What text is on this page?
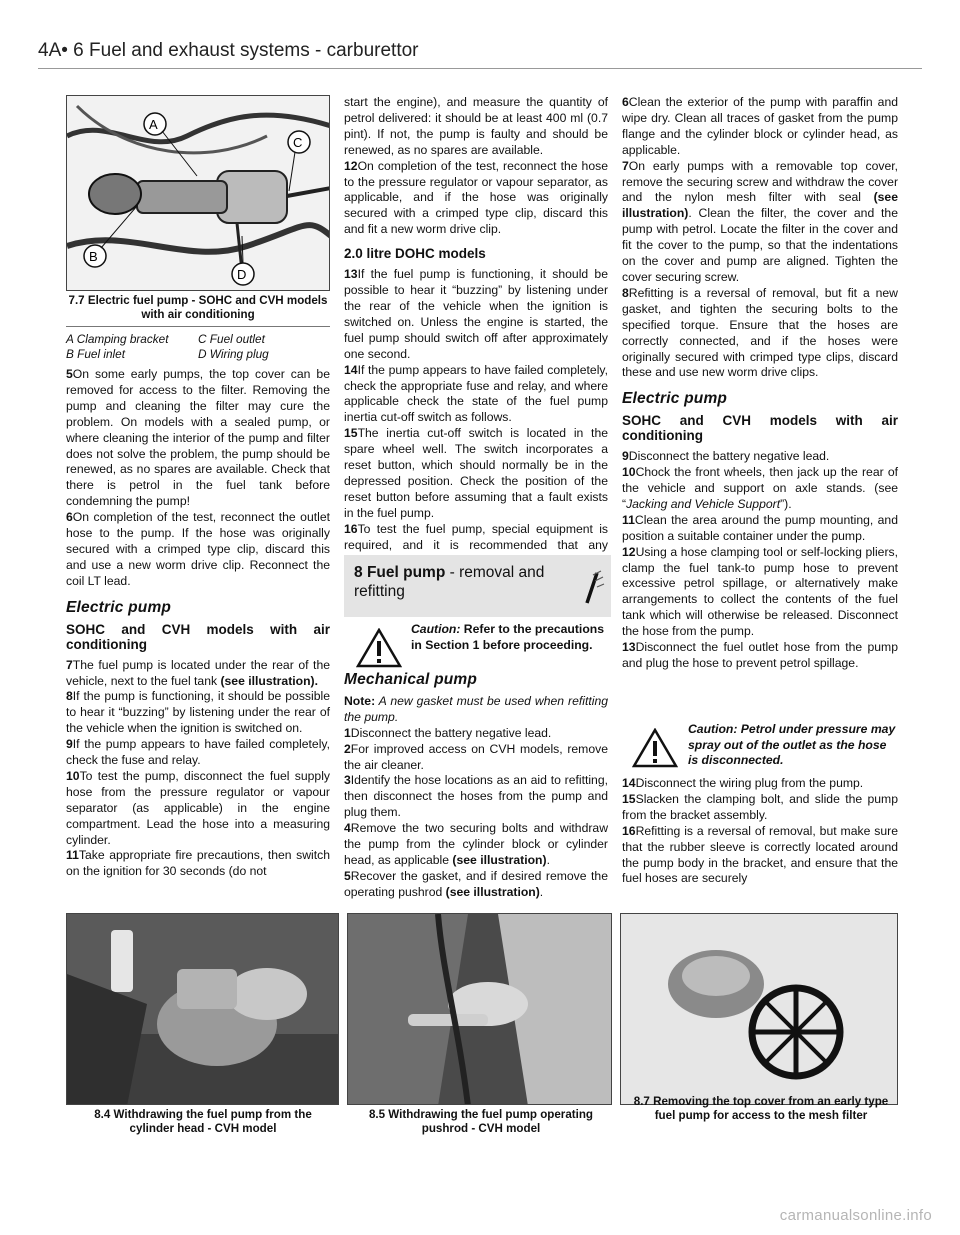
4A• 6 Fuel and exhaust systems - carburettor
A
B
C
D
7.7 Electric fuel pump - SOHC and CVH models with air conditioning
A Clamping bracket	C Fuel outlet
B Fuel inlet	D Wiring plug

5On some early pumps, the top cover can be removed for access to the filter. Removing the pump and cleaning the filter may cure the problem. On models with a sealed pump, or where cleaning the interior of the pump and filter does not solve the problem, the pump should be renewed, as no spares are available. Check that there is petrol in the fuel tank before condemning the pump!

6On completion of the test, reconnect the outlet hose to the pump. If the hose was originally secured with a crimped type clip, discard this and use a new worm drive clip. Reconnect the coil LT lead.

Electric pump
SOHC and CVH models with air conditioning

7The fuel pump is located under the rear of the vehicle, next to the fuel tank (see illustration).

8If the pump is functioning, it should be possible to hear it “buzzing” by listening under the rear of the vehicle when the ignition is switched on.

9If the pump appears to have failed completely, check the fuse and relay.

10To test the pump, disconnect the fuel supply hose from the pressure regulator or vapour separator (as applicable) in the engine compartment. Lead the hose into a measuring cylinder.

11Take appropriate fire precautions, then switch on the ignition for 30 seconds (do not

start the engine), and measure the quantity of petrol delivered: it should be at least 400 ml (0.7 pint). If not, the pump is faulty and should be renewed, as no spares are available.

12On completion of the test, reconnect the hose to the pressure regulator or vapour separator, as applicable, and if the hose was originally secured with a crimped type clip, discard this and fit a new worm drive clip.

2.0 litre DOHC models

13If the fuel pump is functioning, it should be possible to hear it “buzzing” by listening under the rear of the vehicle when the ignition is switched on. Unless the engine is started, the fuel pump should switch off after approximately one second.

14If the pump appears to have failed completely, check the appropriate fuse and relay, and where applicable check the state of the fuel pump inertia cut-off switch as follows.

15The inertia cut-off switch is located in the spare wheel well. The switch incorporates a reset button, which should normally be in the depressed position. Check the position of the reset button before assuming that a fault exists in the fuel pump.

16To test the fuel pump, special equipment is required, and it is recommended that any

8 Fuel pump - removal and refitting
Caution: Refer to the precautions in Section 1 before proceeding.
Mechanical pump

Note: A new gasket must be used when refitting the pump.

1Disconnect the battery negative lead.

2For improved access on CVH models, remove the air cleaner.

3Identify the hose locations as an aid to refitting, then disconnect the hoses from the pump and plug them.

4Remove the two securing bolts and withdraw the pump from the cylinder block or cylinder head, as applicable (see illustration).

5Recover the gasket, and if desired remove the operating pushrod (see illustration).

6Clean the exterior of the pump with paraffin and wipe dry. Clean all traces of gasket from the pump flange and the cylinder block or cylinder head, as applicable.

7On early pumps with a removable top cover, remove the securing screw and withdraw the cover and the nylon mesh filter with seal (see illustration). Clean the filter, the cover and the pump with petrol. Locate the filter in the cover and fit the cover to the pump, so that the indentations on the cover and pump are aligned. Tighten the cover securing screw.

8Refitting is a reversal of removal, but fit a new gasket, and tighten the securing bolts to the specified torque. Ensure that the hoses are correctly connected, and if the hoses were originally secured with crimped type clips, discard these and use new worm drive clips.

Electric pump
SOHC and CVH models with air conditioning

9Disconnect the battery negative lead.

10Chock the front wheels, then jack up the rear of the vehicle and support on axle stands. (see “Jacking and Vehicle Support”).

11Clean the area around the pump mounting, and position a suitable container under the pump.

12Using a hose clamping tool or self-locking pliers, clamp the fuel tank-to pump hose to prevent excessive petrol spillage, or alternatively make arrangements to collect the contents of the fuel tank which will otherwise be released. Disconnect the hose from the pump.

13Disconnect the fuel outlet hose from the pump and plug the hose to prevent petrol spillage.

Caution: Petrol under pressure may spray out of the outlet as the hose is disconnected.

14Disconnect the wiring plug from the pump.

15Slacken the clamping bolt, and slide the pump from the bracket assembly.

16Refitting is a reversal of removal, but make sure that the rubber sleeve is correctly located around the pump body in the bracket, and ensure that the fuel hoses are securely

8.4 Withdrawing the fuel pump from the cylinder head - CVH model
8.5 Withdrawing the fuel pump operating pushrod - CVH model
8.7 Removing the top cover from an early type fuel pump for access to the mesh filter
carmanualsonline.info
